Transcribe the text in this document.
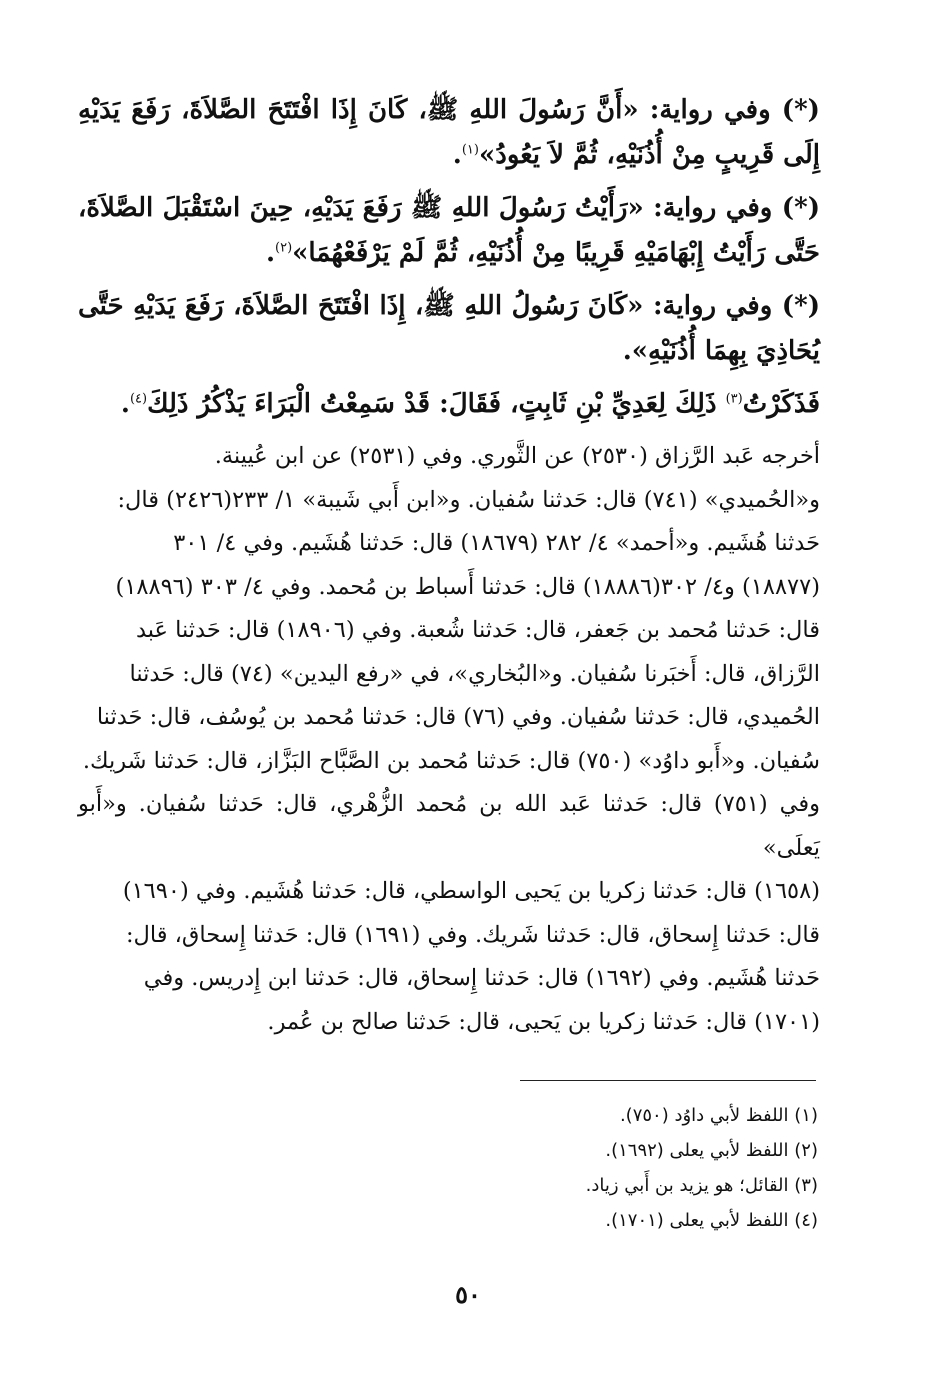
(*) وفي رواية: «أَنَّ رَسُولَ اللهِ ﷺ، كَانَ إِذَا افْتَتَحَ الصَّلاَةَ، رَفَعَ يَدَيْهِ إِلَى قَرِيبٍ مِنْ أُذُنَيْهِ، ثُمَّ لاَ يَعُودُ»$^{(١)}$.

(*) وفي رواية: «رَأَيْتُ رَسُولَ اللهِ ﷺ رَفَعَ يَدَيْهِ، حِينَ اسْتَقْبَلَ الصَّلاَةَ، حَتَّى رَأَيْتُ إِبْهَامَيْهِ قَرِيبًا مِنْ أُذُنَيْهِ، ثُمَّ لَمْ يَرْفَعْهُمَا»$^{(٢)}$.

(*) وفي رواية: «كَانَ رَسُولُ اللهِ ﷺ، إِذَا افْتَتَحَ الصَّلاَةَ، رَفَعَ يَدَيْهِ حَتَّى يُحَاذِيَ بِهِمَا أُذُنَيْهِ».

فَذَكَرْتُ$^{(٣)}$ ذَلِكَ لِعَدِيِّ بْنِ ثَابِتٍ، فَقَالَ: قَدْ سَمِعْتُ الْبَرَاءَ يَذْكُرُ ذَلِكَ$^{(٤)}$.

أخرجه عَبد الرَّزاق (٢٥٣٠) عن الثَّوري. وفي (٢٥٣١) عن ابن عُيينة.
و«الحُميدي» (٧٤١) قال: حَدثنا سُفيان. و«ابن أَبي شَيبة» ١/ ٢٣٣(٢٤٢٦) قال:
حَدثنا هُشَيم. و«أحمد» ٤/ ٢٨٢ (١٨٦٧٩) قال: حَدثنا هُشَيم. وفي ٤/ ٣٠١
(١٨٨٧٧) و٤/ ٣٠٢(١٨٨٨٦) قال: حَدثنا أَسباط بن مُحمد. وفي ٤/ ٣٠٣ (١٨٨٩٦)
قال: حَدثنا مُحمد بن جَعفر، قال: حَدثنا شُعبة. وفي (١٨٩٠٦) قال: حَدثنا عَبد
الرَّزاق، قال: أَخبَرنا سُفيان. و«البُخاري»، في «رفع اليدين» (٧٤) قال: حَدثنا
الحُميدي، قال: حَدثنا سُفيان. وفي (٧٦) قال: حَدثنا مُحمد بن يُوسُف، قال: حَدثنا
سُفيان. و«أَبو داوُد» (٧٥٠) قال: حَدثنا مُحمد بن الصَّبَّاح البَزَّاز، قال: حَدثنا شَريك.
وفي (٧٥١) قال: حَدثنا عَبد الله بن مُحمد الزُّهْري، قال: حَدثنا سُفيان. و«أَبو يَعلَى»
(١٦٥٨) قال: حَدثنا زكريا بن يَحيى الواسطي، قال: حَدثنا هُشَيم. وفي (١٦٩٠)
قال: حَدثنا إِسحاق، قال: حَدثنا شَريك. وفي (١٦٩١) قال: حَدثنا إِسحاق، قال:
حَدثنا هُشَيم. وفي (١٦٩٢) قال: حَدثنا إِسحاق، قال: حَدثنا ابن إِدريس. وفي
(١٧٠١) قال: حَدثنا زكريا بن يَحيى، قال: حَدثنا صالح بن عُمر.
(١) اللفظ لأبي داوُد (٧٥٠).
(٢) اللفظ لأبي يعلى (١٦٩٢).
(٣) القائل؛ هو يزيد بن أَبي زياد.
(٤) اللفظ لأبي يعلى (١٧٠١).
٥٠
